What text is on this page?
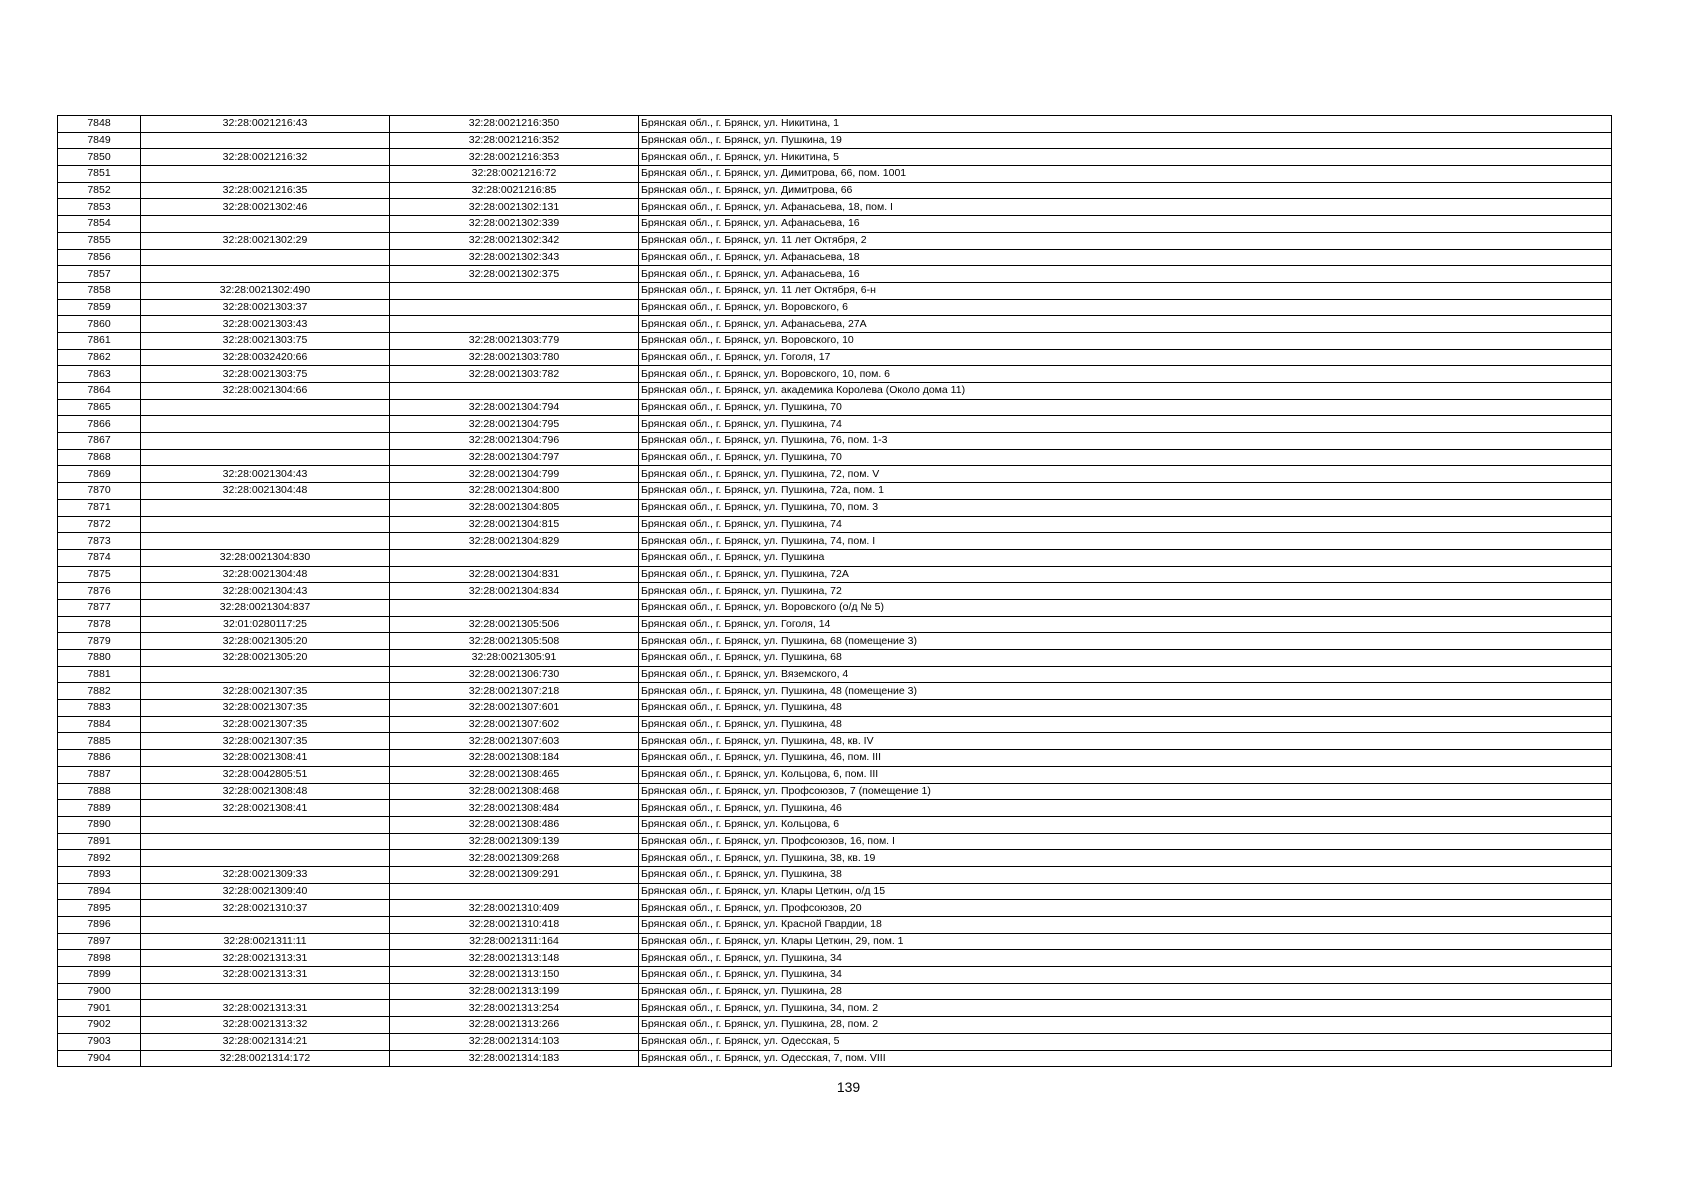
7848	32:28:0021216:43	32:28:0021216:350	Брянская обл., г. Брянск, ул. Никитина, 1
7849		32:28:0021216:352	Брянская обл., г. Брянск, ул. Пушкина, 19
7850	32:28:0021216:32	32:28:0021216:353	Брянская обл., г. Брянск, ул. Никитина, 5
7851		32:28:0021216:72	Брянская обл., г. Брянск, ул. Димитрова, 66, пом. 1001
7852	32:28:0021216:35	32:28:0021216:85	Брянская обл., г. Брянск, ул. Димитрова, 66
7853	32:28:0021302:46	32:28:0021302:131	Брянская обл., г. Брянск, ул. Афанасьева, 18, пом. I
7854		32:28:0021302:339	Брянская обл., г. Брянск, ул. Афанасьева, 16
7855	32:28:0021302:29	32:28:0021302:342	Брянская обл., г. Брянск, ул. 11 лет Октября, 2
7856		32:28:0021302:343	Брянская обл., г. Брянск, ул. Афанасьева, 18
7857		32:28:0021302:375	Брянская обл., г. Брянск, ул. Афанасьева, 16
7858	32:28:0021302:490		Брянская обл., г. Брянск, ул. 11 лет Октября, 6-н
7859	32:28:0021303:37		Брянская обл., г. Брянск, ул. Воровского, 6
7860	32:28:0021303:43		Брянская обл., г. Брянск, ул. Афанасьева, 27А
7861	32:28:0021303:75	32:28:0021303:779	Брянская обл., г. Брянск, ул. Воровского, 10
7862	32:28:0032420:66	32:28:0021303:780	Брянская обл., г. Брянск, ул. Гоголя, 17
7863	32:28:0021303:75	32:28:0021303:782	Брянская обл., г. Брянск, ул. Воровского, 10, пом. 6
7864	32:28:0021304:66		Брянская обл., г. Брянск, ул. академика Королева (Около дома 11)
7865		32:28:0021304:794	Брянская обл., г. Брянск, ул. Пушкина, 70
7866		32:28:0021304:795	Брянская обл., г. Брянск, ул. Пушкина, 74
7867		32:28:0021304:796	Брянская обл., г. Брянск, ул. Пушкина, 76, пом. 1-3
7868		32:28:0021304:797	Брянская обл., г. Брянск, ул. Пушкина, 70
7869	32:28:0021304:43	32:28:0021304:799	Брянская обл., г. Брянск, ул. Пушкина, 72, пом. V
7870	32:28:0021304:48	32:28:0021304:800	Брянская обл., г. Брянск, ул. Пушкина, 72а, пом. 1
7871		32:28:0021304:805	Брянская обл., г. Брянск, ул. Пушкина, 70, пом. 3
7872		32:28:0021304:815	Брянская обл., г. Брянск, ул. Пушкина, 74
7873		32:28:0021304:829	Брянская обл., г. Брянск, ул. Пушкина, 74, пом. I
7874	32:28:0021304:830		Брянская обл., г. Брянск, ул. Пушкина
7875	32:28:0021304:48	32:28:0021304:831	Брянская обл., г. Брянск, ул. Пушкина, 72А
7876	32:28:0021304:43	32:28:0021304:834	Брянская обл., г. Брянск, ул. Пушкина, 72
7877	32:28:0021304:837		Брянская обл., г. Брянск, ул. Воровского (о/д № 5)
7878	32:01:0280117:25	32:28:0021305:506	Брянская обл., г. Брянск, ул. Гоголя, 14
7879	32:28:0021305:20	32:28:0021305:508	Брянская обл., г. Брянск, ул. Пушкина, 68 (помещение 3)
7880	32:28:0021305:20	32:28:0021305:91	Брянская обл., г. Брянск, ул. Пушкина, 68
7881		32:28:0021306:730	Брянская обл., г. Брянск, ул. Вяземского, 4
7882	32:28:0021307:35	32:28:0021307:218	Брянская обл., г. Брянск, ул. Пушкина, 48 (помещение 3)
7883	32:28:0021307:35	32:28:0021307:601	Брянская обл., г. Брянск, ул. Пушкина, 48
7884	32:28:0021307:35	32:28:0021307:602	Брянская обл., г. Брянск, ул. Пушкина, 48
7885	32:28:0021307:35	32:28:0021307:603	Брянская обл., г. Брянск, ул. Пушкина, 48, кв. IV
7886	32:28:0021308:41	32:28:0021308:184	Брянская обл., г. Брянск, ул. Пушкина, 46, пом. III
7887	32:28:0042805:51	32:28:0021308:465	Брянская обл., г. Брянск, ул. Кольцова, 6, пом. III
7888	32:28:0021308:48	32:28:0021308:468	Брянская обл., г. Брянск, ул. Профсоюзов, 7 (помещение 1)
7889	32:28:0021308:41	32:28:0021308:484	Брянская обл., г. Брянск, ул. Пушкина, 46
7890		32:28:0021308:486	Брянская обл., г. Брянск, ул. Кольцова, 6
7891		32:28:0021309:139	Брянская обл., г. Брянск, ул. Профсоюзов, 16, пом. I
7892		32:28:0021309:268	Брянская обл., г. Брянск, ул. Пушкина, 38, кв. 19
7893	32:28:0021309:33	32:28:0021309:291	Брянская обл., г. Брянск, ул. Пушкина, 38
7894	32:28:0021309:40		Брянская обл., г. Брянск, ул. Клары Цеткин, о/д 15
7895	32:28:0021310:37	32:28:0021310:409	Брянская обл., г. Брянск, ул. Профсоюзов, 20
7896		32:28:0021310:418	Брянская обл., г. Брянск, ул. Красной Гвардии, 18
7897	32:28:0021311:11	32:28:0021311:164	Брянская обл., г. Брянск, ул. Клары Цеткин, 29, пом. 1
7898	32:28:0021313:31	32:28:0021313:148	Брянская обл., г. Брянск, ул. Пушкина, 34
7899	32:28:0021313:31	32:28:0021313:150	Брянская обл., г. Брянск, ул. Пушкина, 34
7900		32:28:0021313:199	Брянская обл., г. Брянск, ул. Пушкина, 28
7901	32:28:0021313:31	32:28:0021313:254	Брянская обл., г. Брянск, ул. Пушкина, 34, пом. 2
7902	32:28:0021313:32	32:28:0021313:266	Брянская обл., г. Брянск, ул. Пушкина, 28, пом. 2
7903	32:28:0021314:21	32:28:0021314:103	Брянская обл., г. Брянск, ул. Одесская, 5
7904	32:28:0021314:172	32:28:0021314:183	Брянская обл., г. Брянск, ул. Одесская, 7, пом. VIII
139
